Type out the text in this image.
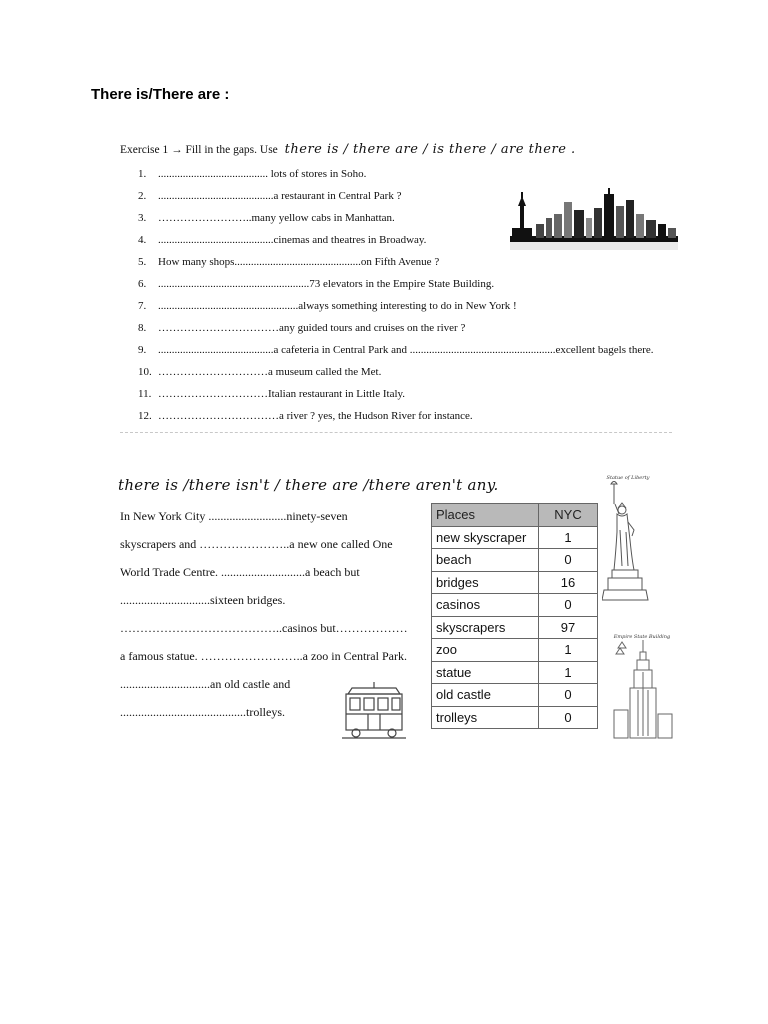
There is/There are :
Exercise 1 → Fill in the gaps. Use there is / there are / is there / are there .
1. ........................................ lots of stores in Soho.
2. ..........................................a restaurant in Central Park ?
3. ……………………..many yellow cabs in Manhattan.
4. ..........................................cinemas and theatres in Broadway.
5. How many shops..............................................on Fifth Avenue ?
6. .......................................................73 elevators in the Empire State Building.
7. ...................................................always something interesting to do in New York !
8. ……………………………any guided tours and cruises on the river ?
9. ..........................................a cafeteria in Central Park and .....................................................excellent bagels there.
10. …………………………a museum called the Met.
11. …………………………Italian restaurant in Little Italy.
12. ……………………………a river ? yes, the Hudson River for instance.
there is /there isn't / there are /there aren't any.
In New York City ..........................ninety-seven
skyscrapers and …………………..a new one called One
World Trade Centre. ............................a beach but
..............................sixteen bridges.
…………………………………..casinos but………………
a famous statue. ……………………..a zoo in Central Park.
..............................an old castle and
..........................................trolleys.
Places	NYC
new skyscraper	1
beach	0
bridges	16
casinos	0
skyscrapers	97
zoo	1
statue	1
old castle	0
trolleys	0
Statue of Liberty
Empire State Building
